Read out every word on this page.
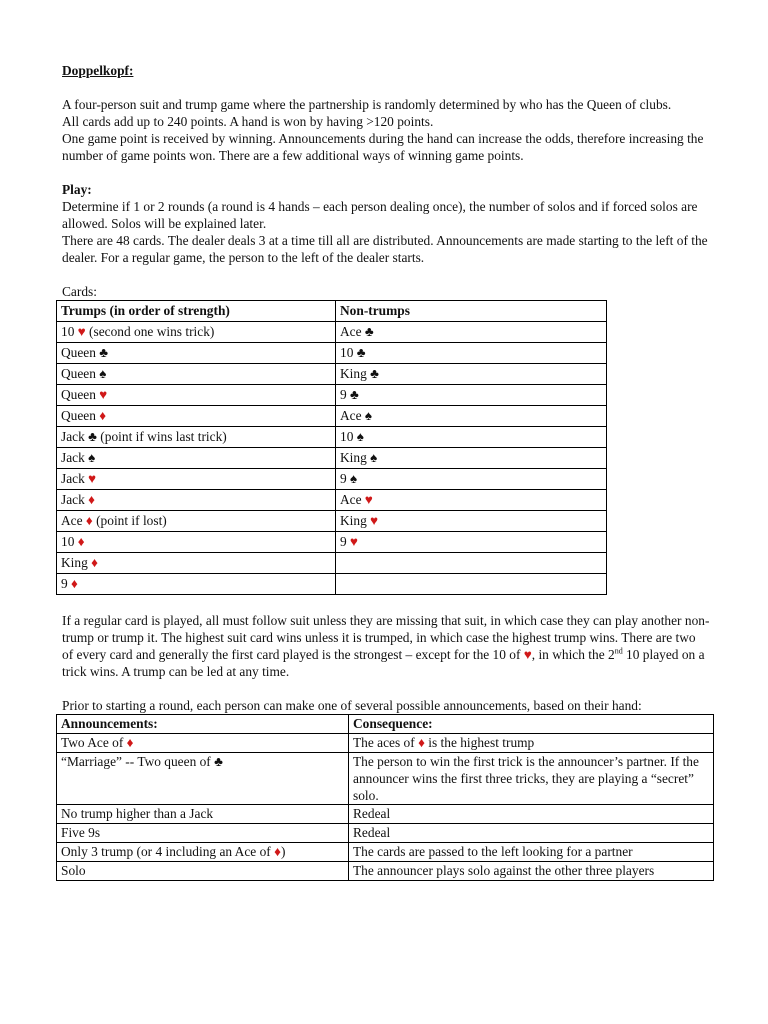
Doppelkopf:

A four-person suit and trump game where the partnership is randomly determined by who has the Queen of clubs.

All cards add up to 240 points. A hand is won by having >120 points.

One game point is received by winning. Announcements during the hand can increase the odds, therefore increasing the number of game points won. There are a few additional ways of winning game points.

Play:

Determine if 1 or 2 rounds (a round is 4 hands – each person dealing once), the number of solos and if forced solos are allowed. Solos will be explained later.

There are 48 cards. The dealer deals 3 at a time till all are distributed. Announcements are made starting to the left of the dealer. For a regular game, the person to the left of the dealer starts.

Cards:

Trumps (in order of strength)	Non-trumps
10 ♥ (second one wins trick)	Ace ♣
Queen ♣	10 ♣
Queen ♠	King ♣
Queen ♥	9 ♣
Queen ♦	Ace ♠
Jack ♣ (point if wins last trick)	10 ♠
Jack ♠	King ♠
Jack ♥	9 ♠
Jack ♦	Ace ♥
Ace ♦ (point if lost)	King ♥
10 ♦	9 ♥
King ♦	
9 ♦	

If a regular card is played, all must follow suit unless they are missing that suit, in which case they can play another non-trump or trump it. The highest suit card wins unless it is trumped, in which case the highest trump wins. There are two of every card and generally the first card played is the strongest – except for the 10 of ♥, in which the 2nd 10 played on a trick wins. A trump can be led at any time.

Prior to starting a round, each person can make one of several possible announcements, based on their hand:

Announcements:	Consequence:
Two Ace of ♦	The aces of ♦ is the highest trump
“Marriage” -- Two queen of ♣	The person to win the first trick is the announcer’s partner. If the announcer wins the first three tricks, they are playing a “secret” solo.
No trump higher than a Jack	Redeal
Five 9s	Redeal
Only 3 trump (or 4 including an Ace of ♦)	The cards are passed to the left looking for a partner
Solo	The announcer plays solo against the other three players
